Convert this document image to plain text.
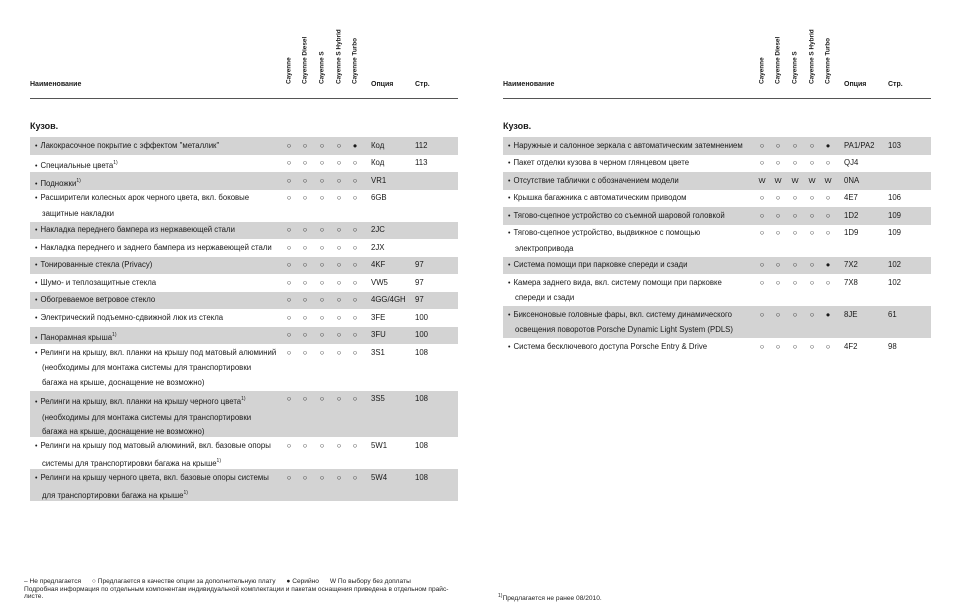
Наименование
Cayenne Cayenne Diesel Cayenne S Cayenne S Hybrid Cayenne Turbo
Опция	Стр.
Кузов.
• Лакокрасочное покрытие с эффектом "металлик"	○	○	○	○	●	Код	112
• Специальные цвета$^{1)}$	○	○	○	○	○	Код	113
• Подножки$^{1)}$	○	○	○	○	○	VR1
• Расширители колесных арок черного цвета, вкл. боковые
защитные накладки
○	○	○	○	○	6GB
• Накладка переднего бампера из нержавеющей стали	○	○	○	○	○	2JC
• Накладка переднего и заднего бампера из нержавеющей стали	○	○	○	○	○	2JX
• Тонированные стекла (Privacy)	○	○	○	○	○	4KF	97
• Шумо- и теплозащитные стекла	○	○	○	○	○	VW5	97
• Обогреваемое ветровое стекло	○	○	○	○	○	4GG/4GH 97
• Электрический подъемно-сдвижной люк из стекла	○	○	○	○	○	3FE	100
• Панорамная крыша$^{1)}$	○	○	○	○	○	3FU	100
• Релинги на крышу, вкл. планки на крышу под матовый алюминий
(необходимы для монтажа системы для транспортировки
багажа на крыше, доснащение не возможно)
○	○	○	○	○	3S1	108
• Релинги на крышу, вкл. планки на крышу черного цвета$^{1)}$
(необходимы для монтажа системы для транспортировки
багажа на крыше, доснащение не возможно)
○	○	○	○	○	3S5	108
• Релинги на крышу под матовый алюминий, вкл. базовые опоры
системы для транспортировки багажа на крыше$^{1)}$
○	○	○	○	○	5W1	108
• Релинги на крышу черного цвета, вкл. базовые опоры системы
для транспортировки багажа на крыше$^{1)}$
○	○	○	○	○	5W4	108
Наименование
Cayenne Cayenne Diesel Cayenne S Cayenne S Hybrid Cayenne Turbo
Опция	Стр.
Кузов.
• Наружные и салонное зеркала с автоматическим затемнением	○	○	○	○	●	PA1/PA2 103
• Пакет отделки кузова в черном глянцевом цвете	○	○	○	○	○	QJ4
• Отсутствие таблички с обозначением модели	W	W	W	W	W	0NA
• Крышка багажника с автоматическим приводом	○	○	○	○	○	4E7	106
• Тягово-сцепное устройство со съемной шаровой головкой	○	○	○	○	○	1D2	109
• Тягово-сцепное устройство, выдвижное с помощью
электропривода
○	○	○	○	○	1D9	109
• Система помощи при парковке спереди и сзади	○	○	○	○	●	7X2	102
• Камера заднего вида, вкл. систему помощи при парковке
спереди и сзади
○	○	○	○	○	7X8	102
• Биксеноновые головные фары, вкл. систему динамического
освещения поворотов Porsche Dynamic Light System (PDLS)
○	○	○	○	●	8JE	61
• Система бесключевого доступа Porsche Entry & Drive	○	○	○	○	○	4F2	98
– Не предлагается ○ Предлагается в качестве опции за дополнительную плату ● Серийно W По выбору без доплаты
Подробная информация по отдельным компонентам индивидуальной комплектации и пакетам оснащения приведена в отдельном прайс-листе.	$^{1)}$Предлагается не ранее 08/2010.
